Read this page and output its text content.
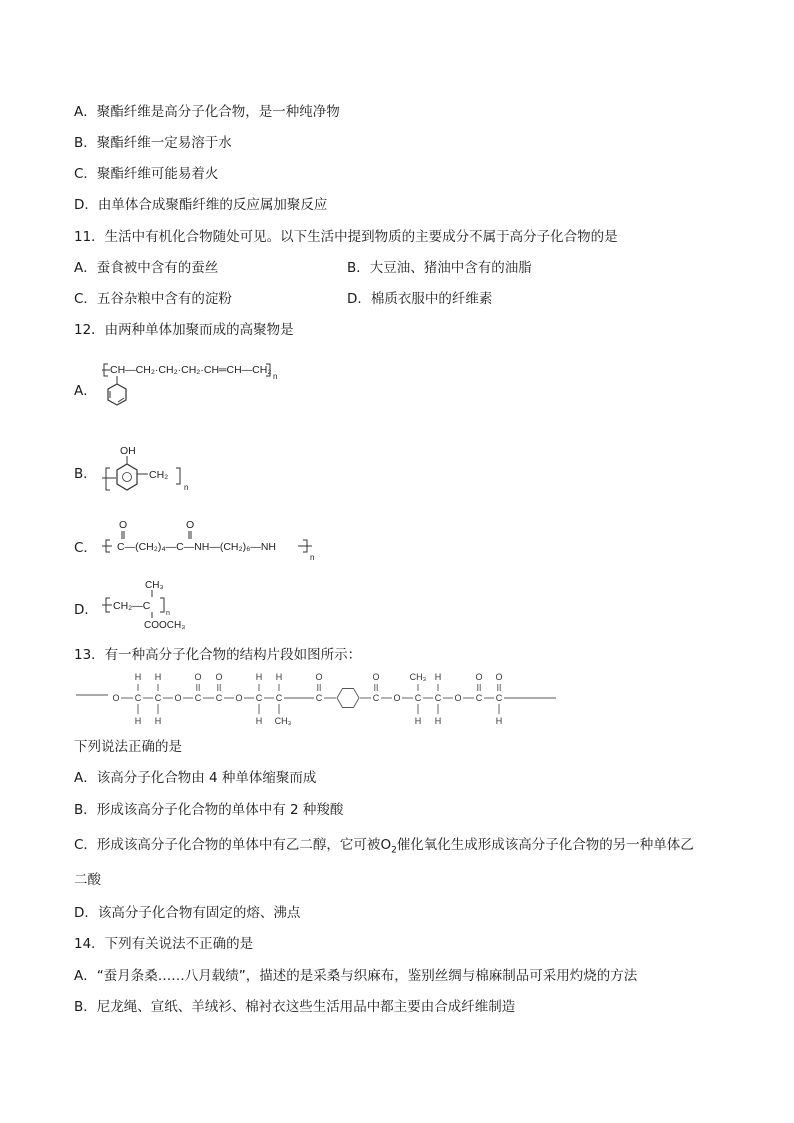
A．聚酯纤维是高分子化合物，是一种纯净物
B．聚酯纤维一定易溶于水
C．聚酯纤维可能易着火
D．由单体合成聚酯纤维的反应属加聚反应
11．生活中有机化合物随处可见。以下生活中提到物质的主要成分不属于高分子化合物的是
A．蚕食被中含有的蚕丝	B．大豆油、猪油中含有的油脂
C．五谷杂粮中含有的淀粉	D．棉质衣服中的纤维素
12．由两种单体加聚而成的高聚物是
A．
CH—CH₂·CH₂·CH₂·CH═CH—CH₂
n
B．
OH
CH₂
n
C．
O	O
C—(CH₂)₄—C—NH—(CH₂)₆—NH
n
D．
CH₃
CH₂—C
n
COOCH₃
13．有一种高分子化合物的结构片段如图所示：
O C
H
H
C
H
H
O C
O
C
O
O C
H
H
C
H
CH₃
C
O
C
O
O C
CH₃
H
C
H
H
O C
O
C
H
O
下列说法正确的是
A．该高分子化合物由 4 种单体缩聚而成
B．形成该高分子化合物的单体中有 2 种羧酸
C．形成该高分子化合物的单体中有乙二醇，它可被$O_2$催化氧化生成形成该高分子化合物的另一种单体乙
二酸
D．该高分子化合物有固定的熔、沸点
14．下列有关说法不正确的是
A．“蚕月条桑……八月载绩”，描述的是采桑与织麻布，鉴别丝绸与棉麻制品可采用灼烧的方法
B．尼龙绳、宣纸、羊绒衫、棉衬衣这些生活用品中都主要由合成纤维制造
